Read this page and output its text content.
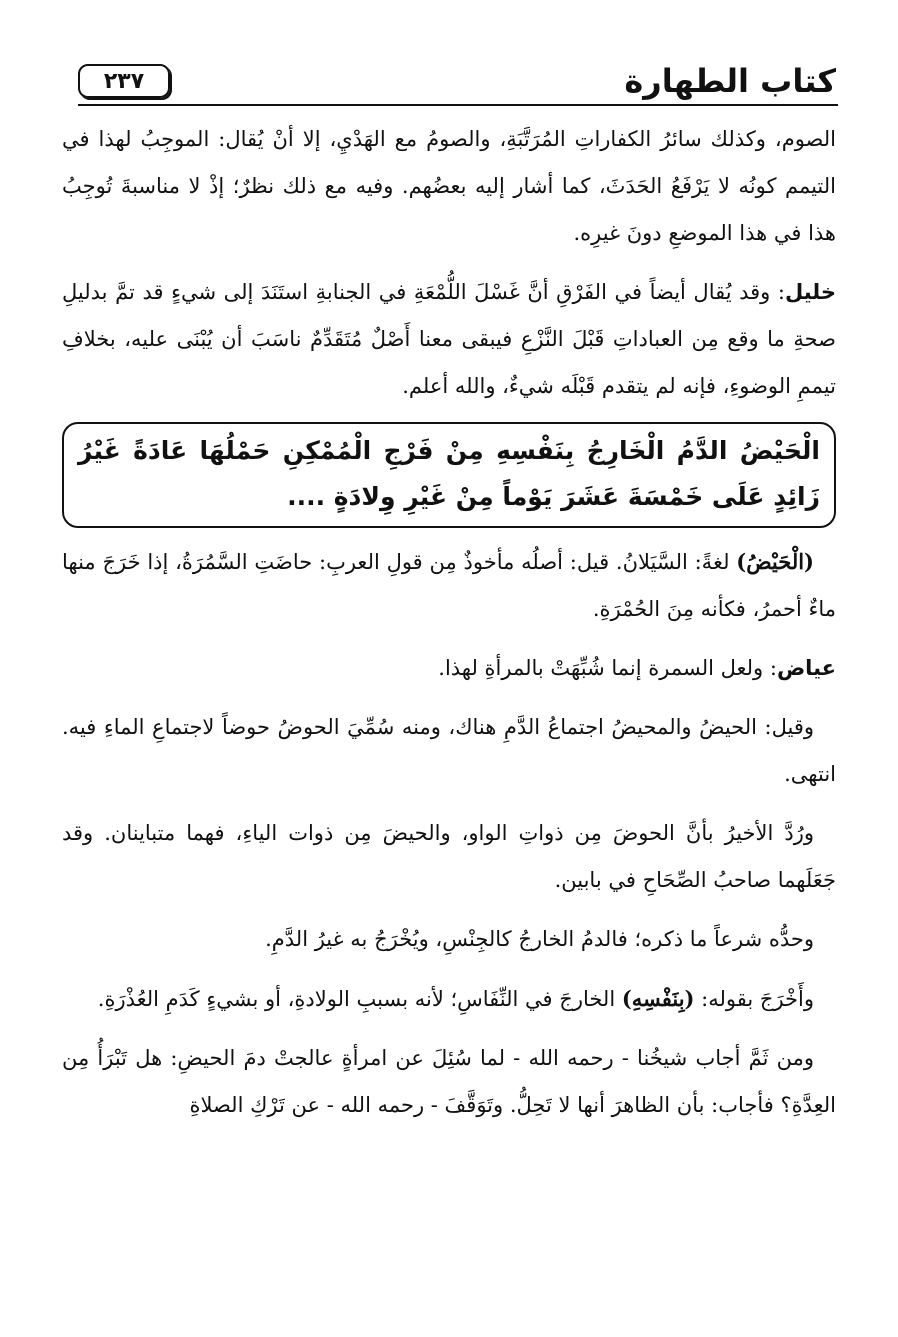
كتاب الطهارة
٢٣٧

الصوم، وكذلك سائرُ الكفاراتِ المُرَتَّبَةِ، والصومُ مع الهَدْيِ، إلا أنْ يُقال: الموجِبُ لهذا في التيمم كونُه لا يَرْفَعُ الحَدَثَ، كما أشار إليه بعضُهم. وفيه مع ذلك نظرٌ؛ إذْ لا مناسبةَ تُوجِبُ هذا في هذا الموضعِ دونَ غيرِه.

خليل: وقد يُقال أيضاً في الفَرْقِ أنَّ غَسْلَ اللُّمْعَةِ في الجنابةِ استَنَدَ إلى شيءٍ قد تمَّ بدليلِ صحةِ ما وقع مِن العباداتِ قَبْلَ النَّزْعِ فيبقى معنا أَصْلٌ مُتَقَدِّمٌ ناسَبَ أن يُبْنَى عليه، بخلافِ تيممِ الوضوءِ، فإنه لم يتقدم قَبْلَه شيءٌ، والله أعلم.

الْحَيْضُ الدَّمُ الْخَارِجُ بِنَفْسِهِ مِنْ فَرْجِ الْمُمْكِنِ حَمْلُهَا عَادَةً غَيْرُ زَائِدٍ عَلَى خَمْسَةَ عَشَرَ يَوْماً مِنْ غَيْرِ وِلادَةٍ ....

(الْحَيْضُ) لغةً: السَّيَلانُ. قيل: أصلُه مأخوذٌ مِن قولِ العربِ: حاضَتِ السَّمُرَةُ، إذا خَرَجَ منها ماءٌ أحمرُ، فكأنه مِنَ الحُمْرَةِ.

عياض: ولعل السمرة إنما شُبِّهَتْ بالمرأةِ لهذا.

وقيل: الحيضُ والمحيضُ اجتماعُ الدَّمِ هناك، ومنه سُمِّيَ الحوضُ حوضاً لاجتماعِ الماءِ فيه. انتهى.

ورُدَّ الأخيرُ بأنَّ الحوضَ مِن ذواتِ الواو، والحيضَ مِن ذوات الياءِ، فهما متباينان. وقد جَعَلَهما صاحبُ الصِّحَاحِ في بابين.

وحدُّه شرعاً ما ذكره؛ فالدمُ الخارجُ كالجِنْسِ، ويُخْرَجُ به غيرُ الدَّمِ.

وأَخْرَجَ بقوله: (بِنَفْسِهِ) الخارجَ في النِّفَاسِ؛ لأنه بسببِ الولادةِ، أو بشيءٍ كَدَمِ العُذْرَةِ.

ومن ثَمَّ أجاب شيخُنا - رحمه الله - لما سُئِلَ عن امرأةٍ عالجتْ دمَ الحيضِ: هل تَبْرَأُ مِن العِدَّةِ؟ فأجاب: بأن الظاهرَ أنها لا تَحِلُّ. وتَوَقَّفَ - رحمه الله - عن تَرْكِ الصلاةِ
